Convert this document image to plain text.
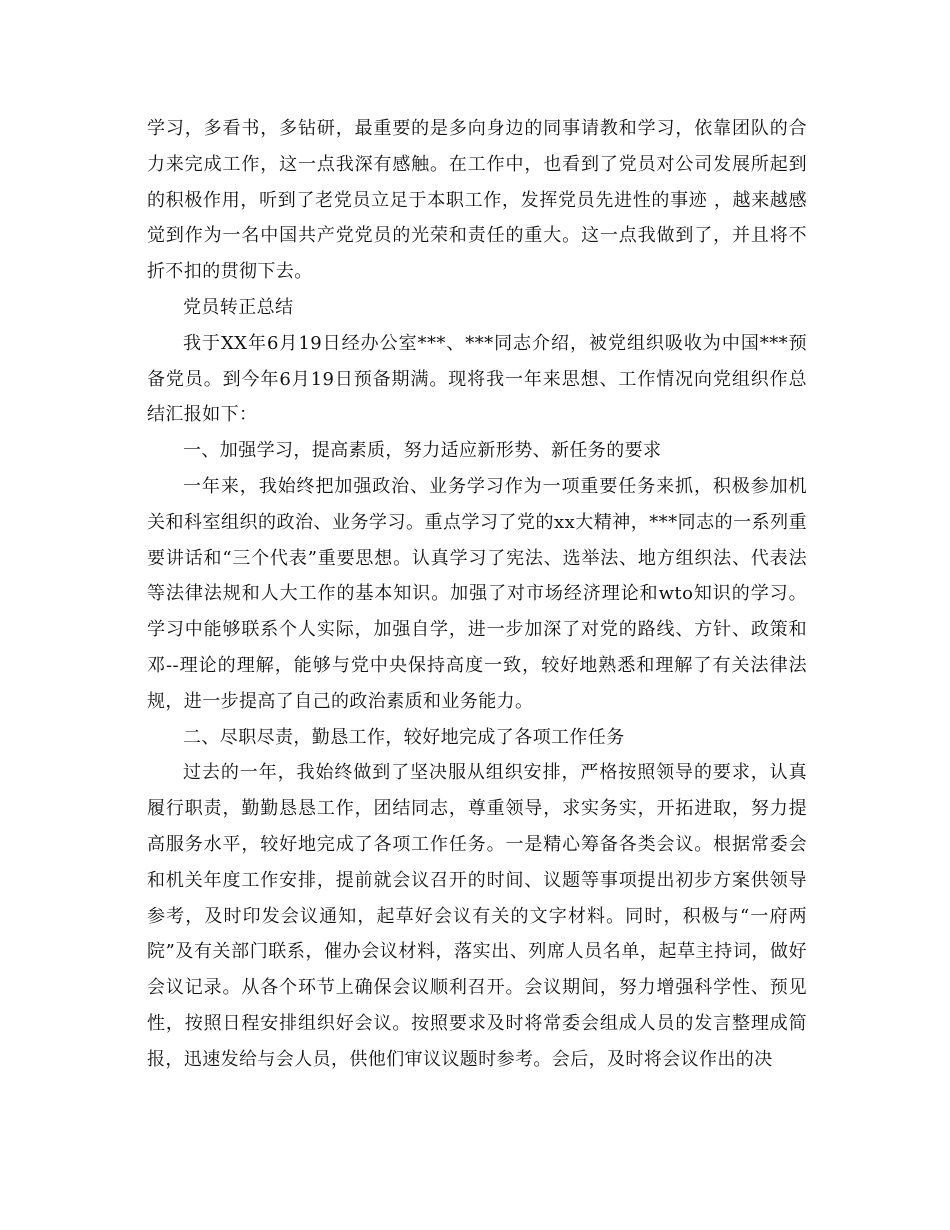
学习，多看书，多钻研，最重要的是多向身边的同事请教和学习，依靠团队的合力来完成工作，这一点我深有感触。在工作中，也看到了党员对公司发展所起到的积极作用，听到了老党员立足于本职工作，发挥党员先进性的事迹 ，越来越感觉到作为一名中国共产党党员的光荣和责任的重大。这一点我做到了，并且将不折不扣的贯彻下去。

党员转正总结

我于XX年6月19日经办公室***、***同志介绍，被党组织吸收为中国***预备党员。到今年6月19日预备期满。现将我一年来思想、工作情况向党组织作总结汇报如下：

一、加强学习，提高素质，努力适应新形势、新任务的要求

一年来，我始终把加强政治、业务学习作为一项重要任务来抓，积极参加机关和科室组织的政治、业务学习。重点学习了党的xx大精神，***同志的一系列重要讲话和“三个代表”重要思想。认真学习了宪法、选举法、地方组织法、代表法等法律法规和人大工作的基本知识。加强了对市场经济理论和wto知识的学习。学习中能够联系个人实际，加强自学，进一步加深了对党的路线、方针、政策和邓--理论的理解，能够与党中央保持高度一致，较好地熟悉和理解了有关法律法规，进一步提高了自己的政治素质和业务能力。

二、尽职尽责，勤恳工作，较好地完成了各项工作任务

过去的一年，我始终做到了坚决服从组织安排，严格按照领导的要求，认真履行职责，勤勤恳恳工作，团结同志，尊重领导，求实务实，开拓进取，努力提高服务水平，较好地完成了各项工作任务。一是精心筹备各类会议。根据常委会和机关年度工作安排，提前就会议召开的时间、议题等事项提出初步方案供领导参考，及时印发会议通知，起草好会议有关的文字材料。同时，积极与“一府两院”及有关部门联系，催办会议材料，落实出、列席人员名单，起草主持词，做好会议记录。从各个环节上确保会议顺利召开。会议期间，努力增强科学性、预见性，按照日程安排组织好会议。按照要求及时将常委会组成人员的发言整理成简报，迅速发给与会人员，供他们审议议题时参考。会后，及时将会议作出的决
